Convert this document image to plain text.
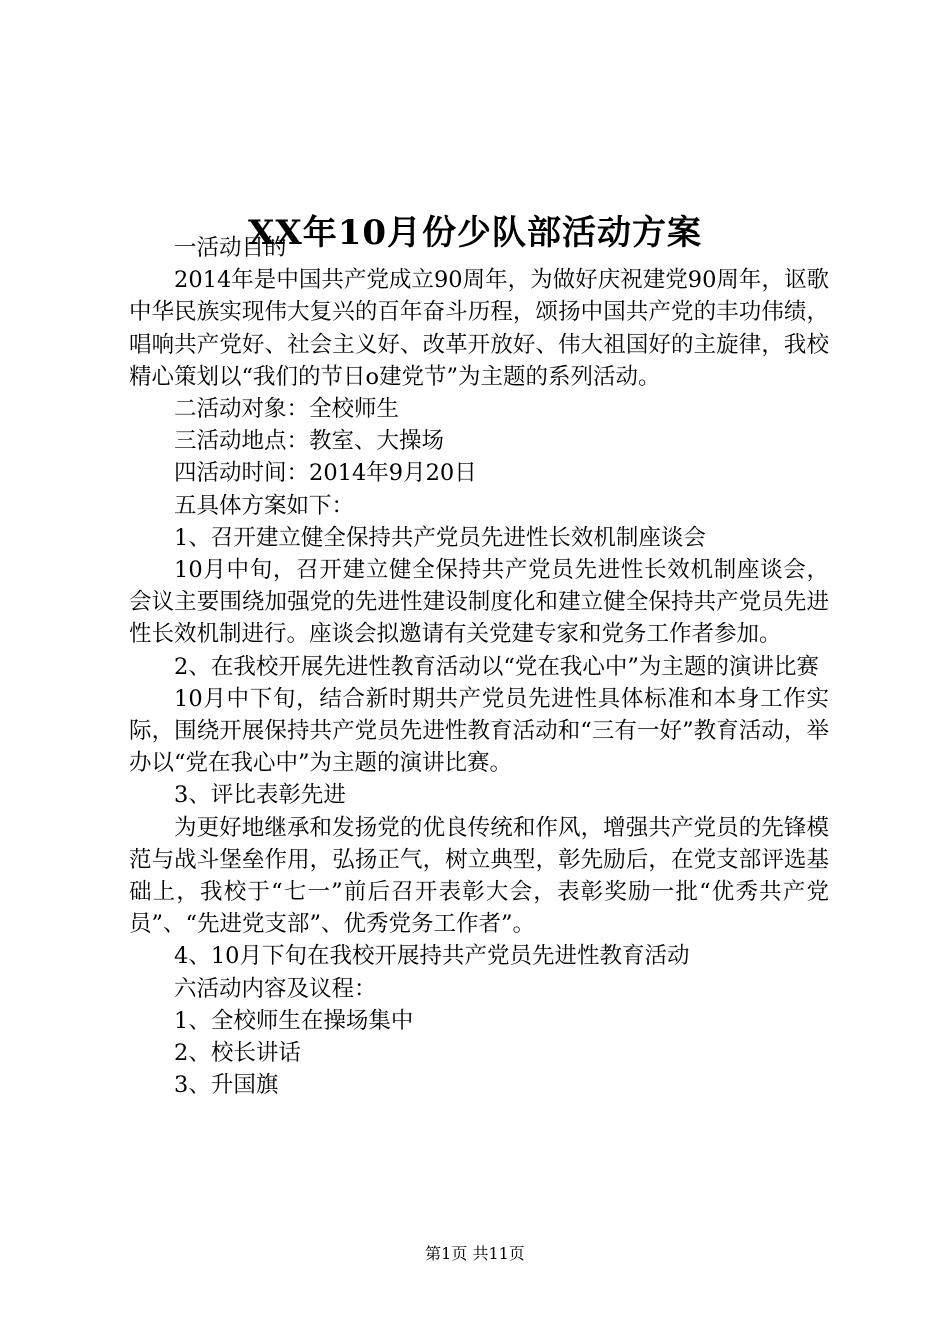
XX年10月份少队部活动方案

一活动目的

2014年是中国共产党成立90周年，为做好庆祝建党90周年，讴歌中华民族实现伟大复兴的百年奋斗历程，颂扬中国共产党的丰功伟绩，唱响共产党好、社会主义好、改革开放好、伟大祖国好的主旋律，我校精心策划以“我们的节日o建党节”为主题的系列活动。

二活动对象：全校师生

三活动地点：教室、大操场

四活动时间：2014年9月20日

五具体方案如下：

1、召开建立健全保持共产党员先进性长效机制座谈会

10月中旬，召开建立健全保持共产党员先进性长效机制座谈会，会议主要围绕加强党的先进性建设制度化和建立健全保持共产党员先进性长效机制进行。座谈会拟邀请有关党建专家和党务工作者参加。

2、在我校开展先进性教育活动以“党在我心中”为主题的演讲比赛

10月中下旬，结合新时期共产党员先进性具体标准和本身工作实际，围绕开展保持共产党员先进性教育活动和“三有一好”教育活动，举办以“党在我心中”为主题的演讲比赛。

3、评比表彰先进

为更好地继承和发扬党的优良传统和作风，增强共产党员的先锋模范与战斗堡垒作用，弘扬正气，树立典型，彰先励后，在党支部评选基础上，我校于“七一”前后召开表彰大会，表彰奖励一批“优秀共产党员”、“先进党支部”、优秀党务工作者”。

4、10月下旬在我校开展持共产党员先进性教育活动

六活动内容及议程：

1、全校师生在操场集中

2、校长讲话

3、升国旗

第1页 共11页
